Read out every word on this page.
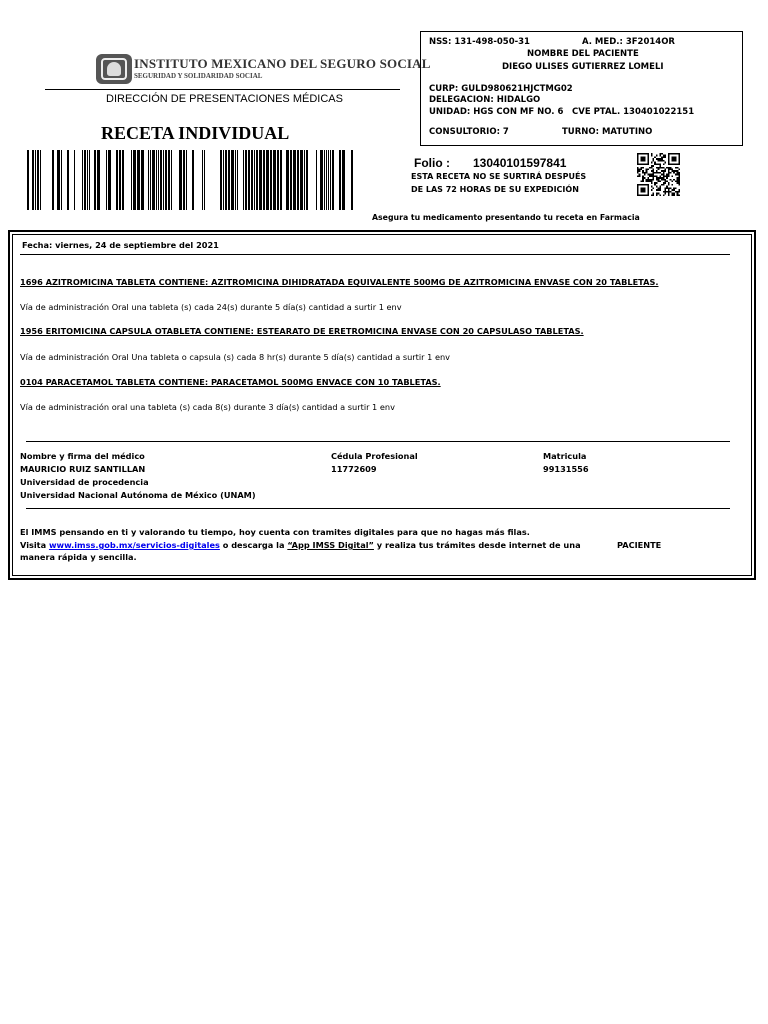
INSTITUTO MEXICANO DEL SEGURO SOCIAL
SEGURIDAD Y SOLIDARIDAD SOCIAL
DIRECCIÓN DE PRESENTACIONES MÉDICAS
RECETA INDIVIDUAL
NSS: 131-498-050-31	A. MED.: 3F2014OR
NOMBRE DEL PACIENTE
DIEGO ULISES GUTIERREZ LOMELI
CURP: GULD980621HJCTMG02
DELEGACION: HIDALGO
UNIDAD: HGS CON MF NO. 6 CVE PTAL. 130401022151
CONSULTORIO: 7	TURNO: MATUTINO
Folio : 13040101597841
ESTA RECETA NO SE SURTIRÁ DESPUÉS
DE LAS 72 HORAS DE SU EXPEDICIÓN
Asegura tu medicamento presentando tu receta en Farmacia
Fecha: viernes, 24 de septiembre del 2021
1696 AZITROMICINA TABLETA CONTIENE: AZITROMICINA DIHIDRATADA EQUIVALENTE 500MG DE AZITROMICINA ENVASE CON 20 TABLETAS.
Vía de administración Oral una tableta (s) cada 24(s) durante 5 día(s) cantidad a surtir 1 env
1956 ERITOMICINA CAPSULA OTABLETA CONTIENE: ESTEARATO DE ERETROMICINA ENVASE CON 20 CAPSULASO TABLETAS.
Vía de administración Oral Una tableta o capsula (s) cada 8 hr(s) durante 5 día(s) cantidad a surtir 1 env
0104 PARACETAMOL TABLETA CONTIENE: PARACETAMOL 500MG ENVACE CON 10 TABLETAS.
Vía de administración oral una tableta (s) cada 8(s) durante 3 día(s) cantidad a surtir 1 env
Nombre y firma del médico
MAURICIO RUIZ SANTILLAN
Universidad de procedencia
Universidad Nacional Autónoma de México (UNAM)
Cédula Profesional
11772609
Matricula
99131556
El IMMS pensando en ti y valorando tu tiempo, hoy cuenta con tramites digitales para que no hagas más filas.
Visita www.imss.gob.mx/servicios-digitales o descarga la “App IMSS Digital” y realiza tus trámites desde internet de una
manera rápida y sencilla.
PACIENTE
